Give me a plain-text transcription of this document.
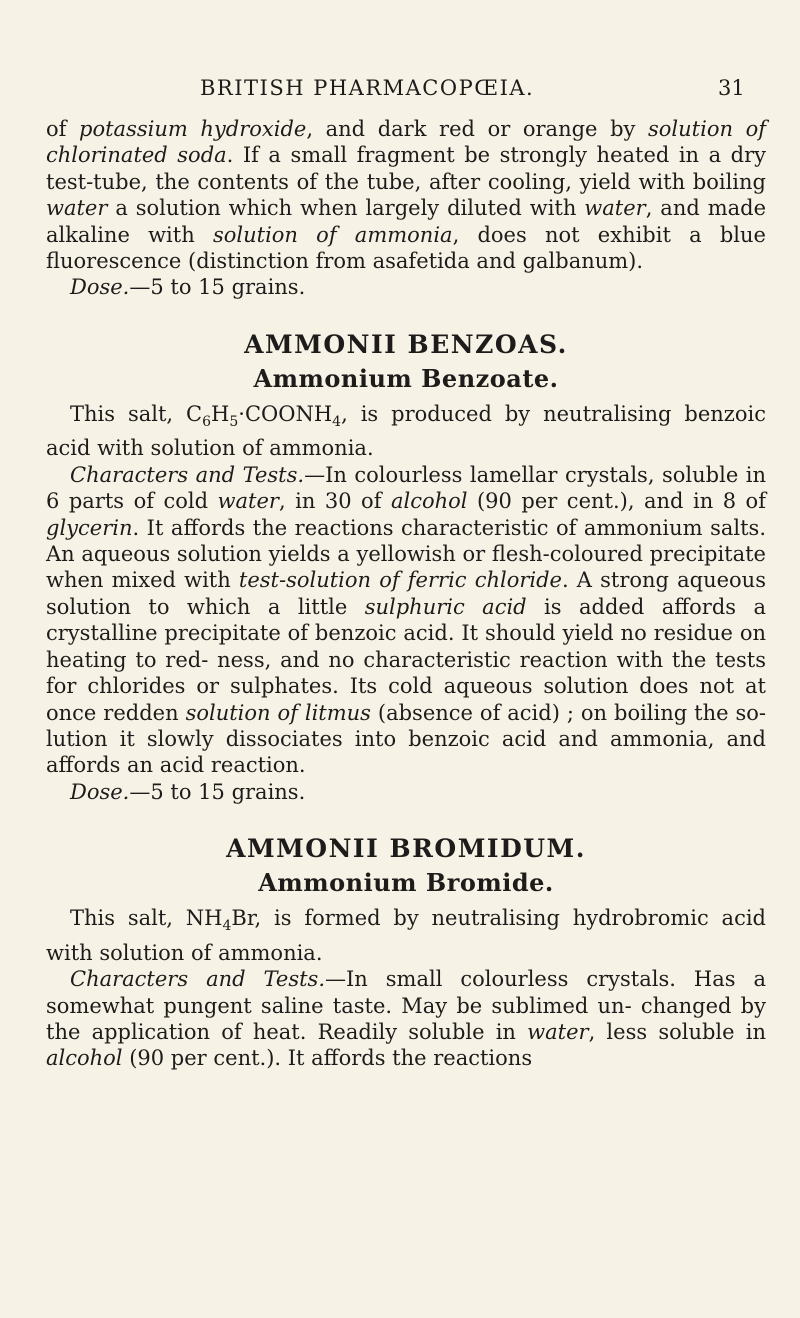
BRITISH PHARMACOPŒIA.	31

of potassium hydroxide, and dark red or orange by solution of chlorinated soda. If a small fragment be strongly heated in a dry test-tube, the contents of the tube, after cooling, yield with boiling water a solution which when largely diluted with water, and made alkaline with solution of ammonia, does not exhibit a blue fluorescence (distinction from asafetida and galbanum).

Dose.—5 to 15 grains.

AMMONII BENZOAS.
Ammonium Benzoate.

This salt, $C_6H_5\cdot COONH_4$, is produced by neutralising benzoic acid with solution of ammonia.

Characters and Tests.—In colourless lamellar crystals, soluble in 6 parts of cold water, in 30 of alcohol (90 per cent.), and in 8 of glycerin. It affords the reactions characteristic of ammonium salts. An aqueous solution yields a yellowish or flesh-coloured precipitate when mixed with test-solution of ferric chloride. A strong aqueous solution to which a little sulphuric acid is added affords a crystalline precipitate of benzoic acid. It should yield no residue on heating to red- ness, and no characteristic reaction with the tests for chlorides or sulphates. Its cold aqueous solution does not at once redden solution of litmus (absence of acid) ; on boiling the so- lution it slowly dissociates into benzoic acid and ammonia, and affords an acid reaction.

Dose.—5 to 15 grains.

AMMONII BROMIDUM.
Ammonium Bromide.

This salt, $NH_4Br$, is formed by neutralising hydrobromic acid with solution of ammonia.

Characters and Tests.—In small colourless crystals. Has a somewhat pungent saline taste. May be sublimed un- changed by the application of heat. Readily soluble in water, less soluble in alcohol (90 per cent.). It affords the reactions
